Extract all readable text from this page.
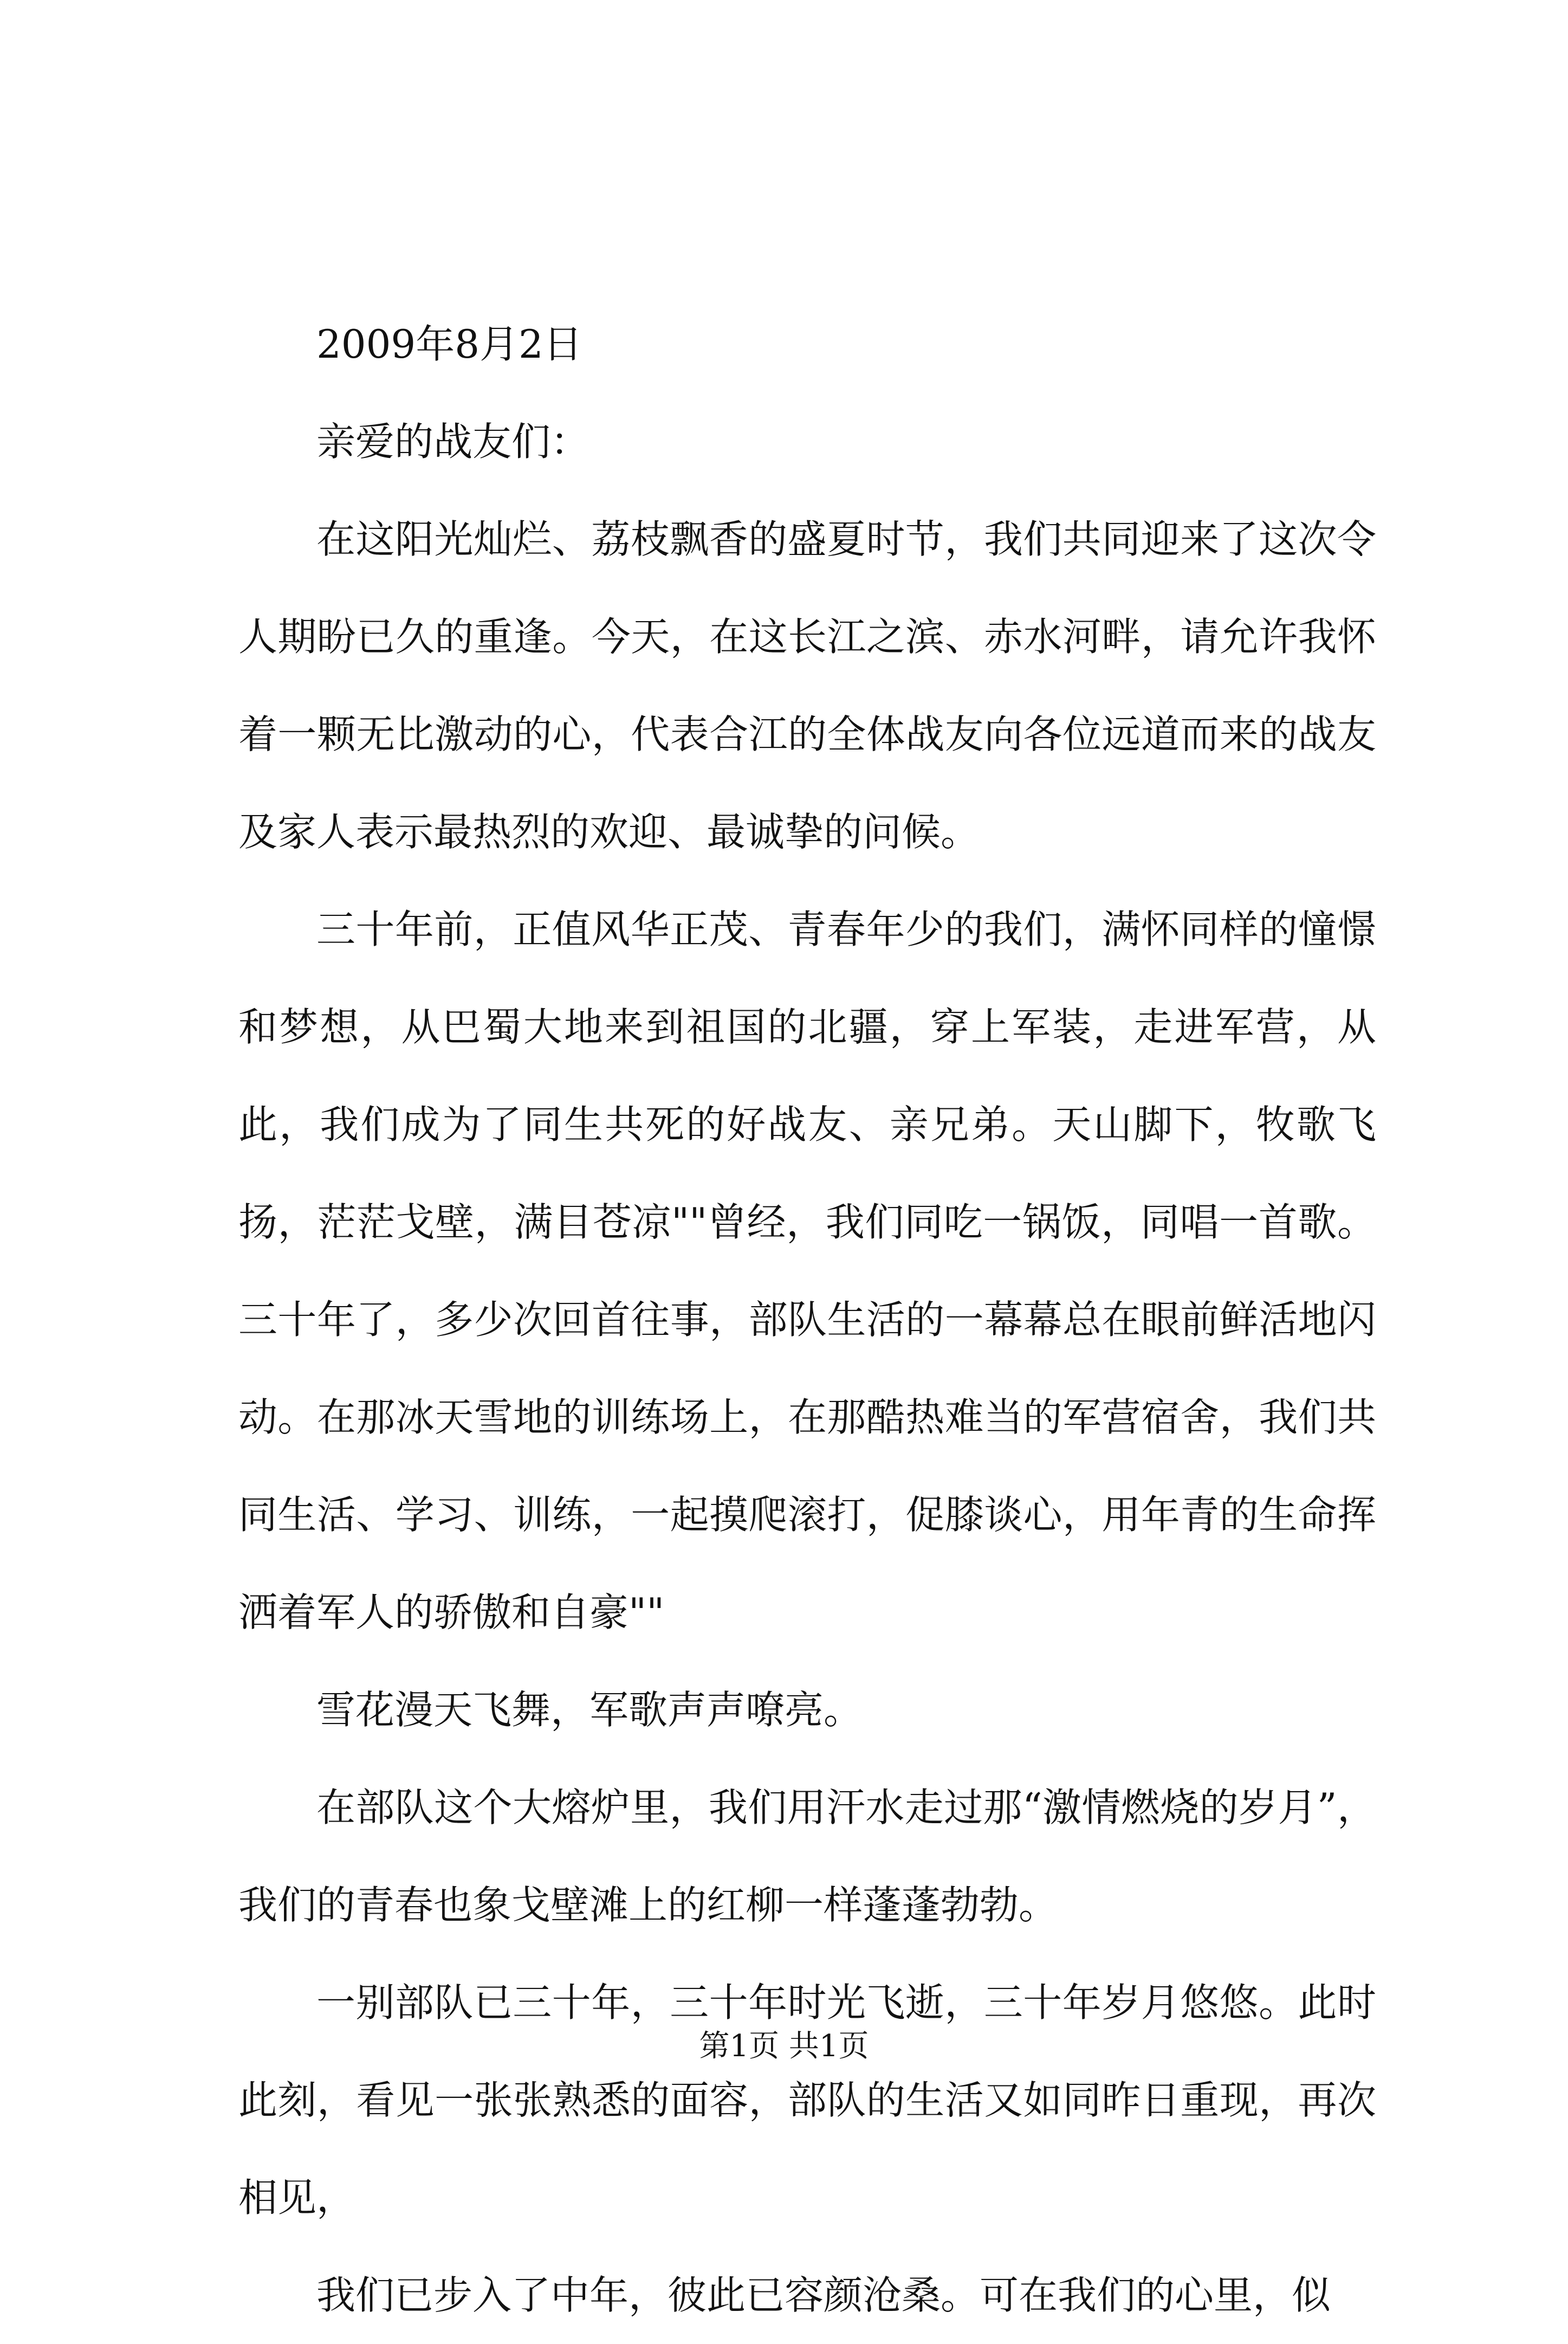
2009年8月2日

亲爱的战友们：

在这阳光灿烂、荔枝飘香的盛夏时节，我们共同迎来了这次令人期盼已久的重逢。今天，在这长江之滨、赤水河畔，请允许我怀着一颗无比激动的心，代表合江的全体战友向各位远道而来的战友及家人表示最热烈的欢迎、最诚挚的问候。

三十年前，正值风华正茂、青春年少的我们，满怀同样的憧憬和梦想，从巴蜀大地来到祖国的北疆，穿上军装，走进军营，从此，我们成为了同生共死的好战友、亲兄弟。天山脚下，牧歌飞扬，茫茫戈壁，满目苍凉""曾经，我们同吃一锅饭，同唱一首歌。三十年了，多少次回首往事，部队生活的一幕幕总在眼前鲜活地闪动。在那冰天雪地的训练场上，在那酷热难当的军营宿舍，我们共同生活、学习、训练，一起摸爬滚打，促膝谈心，用年青的生命挥洒着军人的骄傲和自豪""

雪花漫天飞舞，军歌声声嘹亮。

在部队这个大熔炉里，我们用汗水走过那“激情燃烧的岁月”，我们的青春也象戈壁滩上的红柳一样蓬蓬勃勃。

一别部队已三十年，三十年时光飞逝，三十年岁月悠悠。此时此刻，看见一张张熟悉的面容，部队的生活又如同昨日重现，再次相见，

我们已步入了中年，彼此已容颜沧桑。可在我们的心里，似

第1页 共1页
